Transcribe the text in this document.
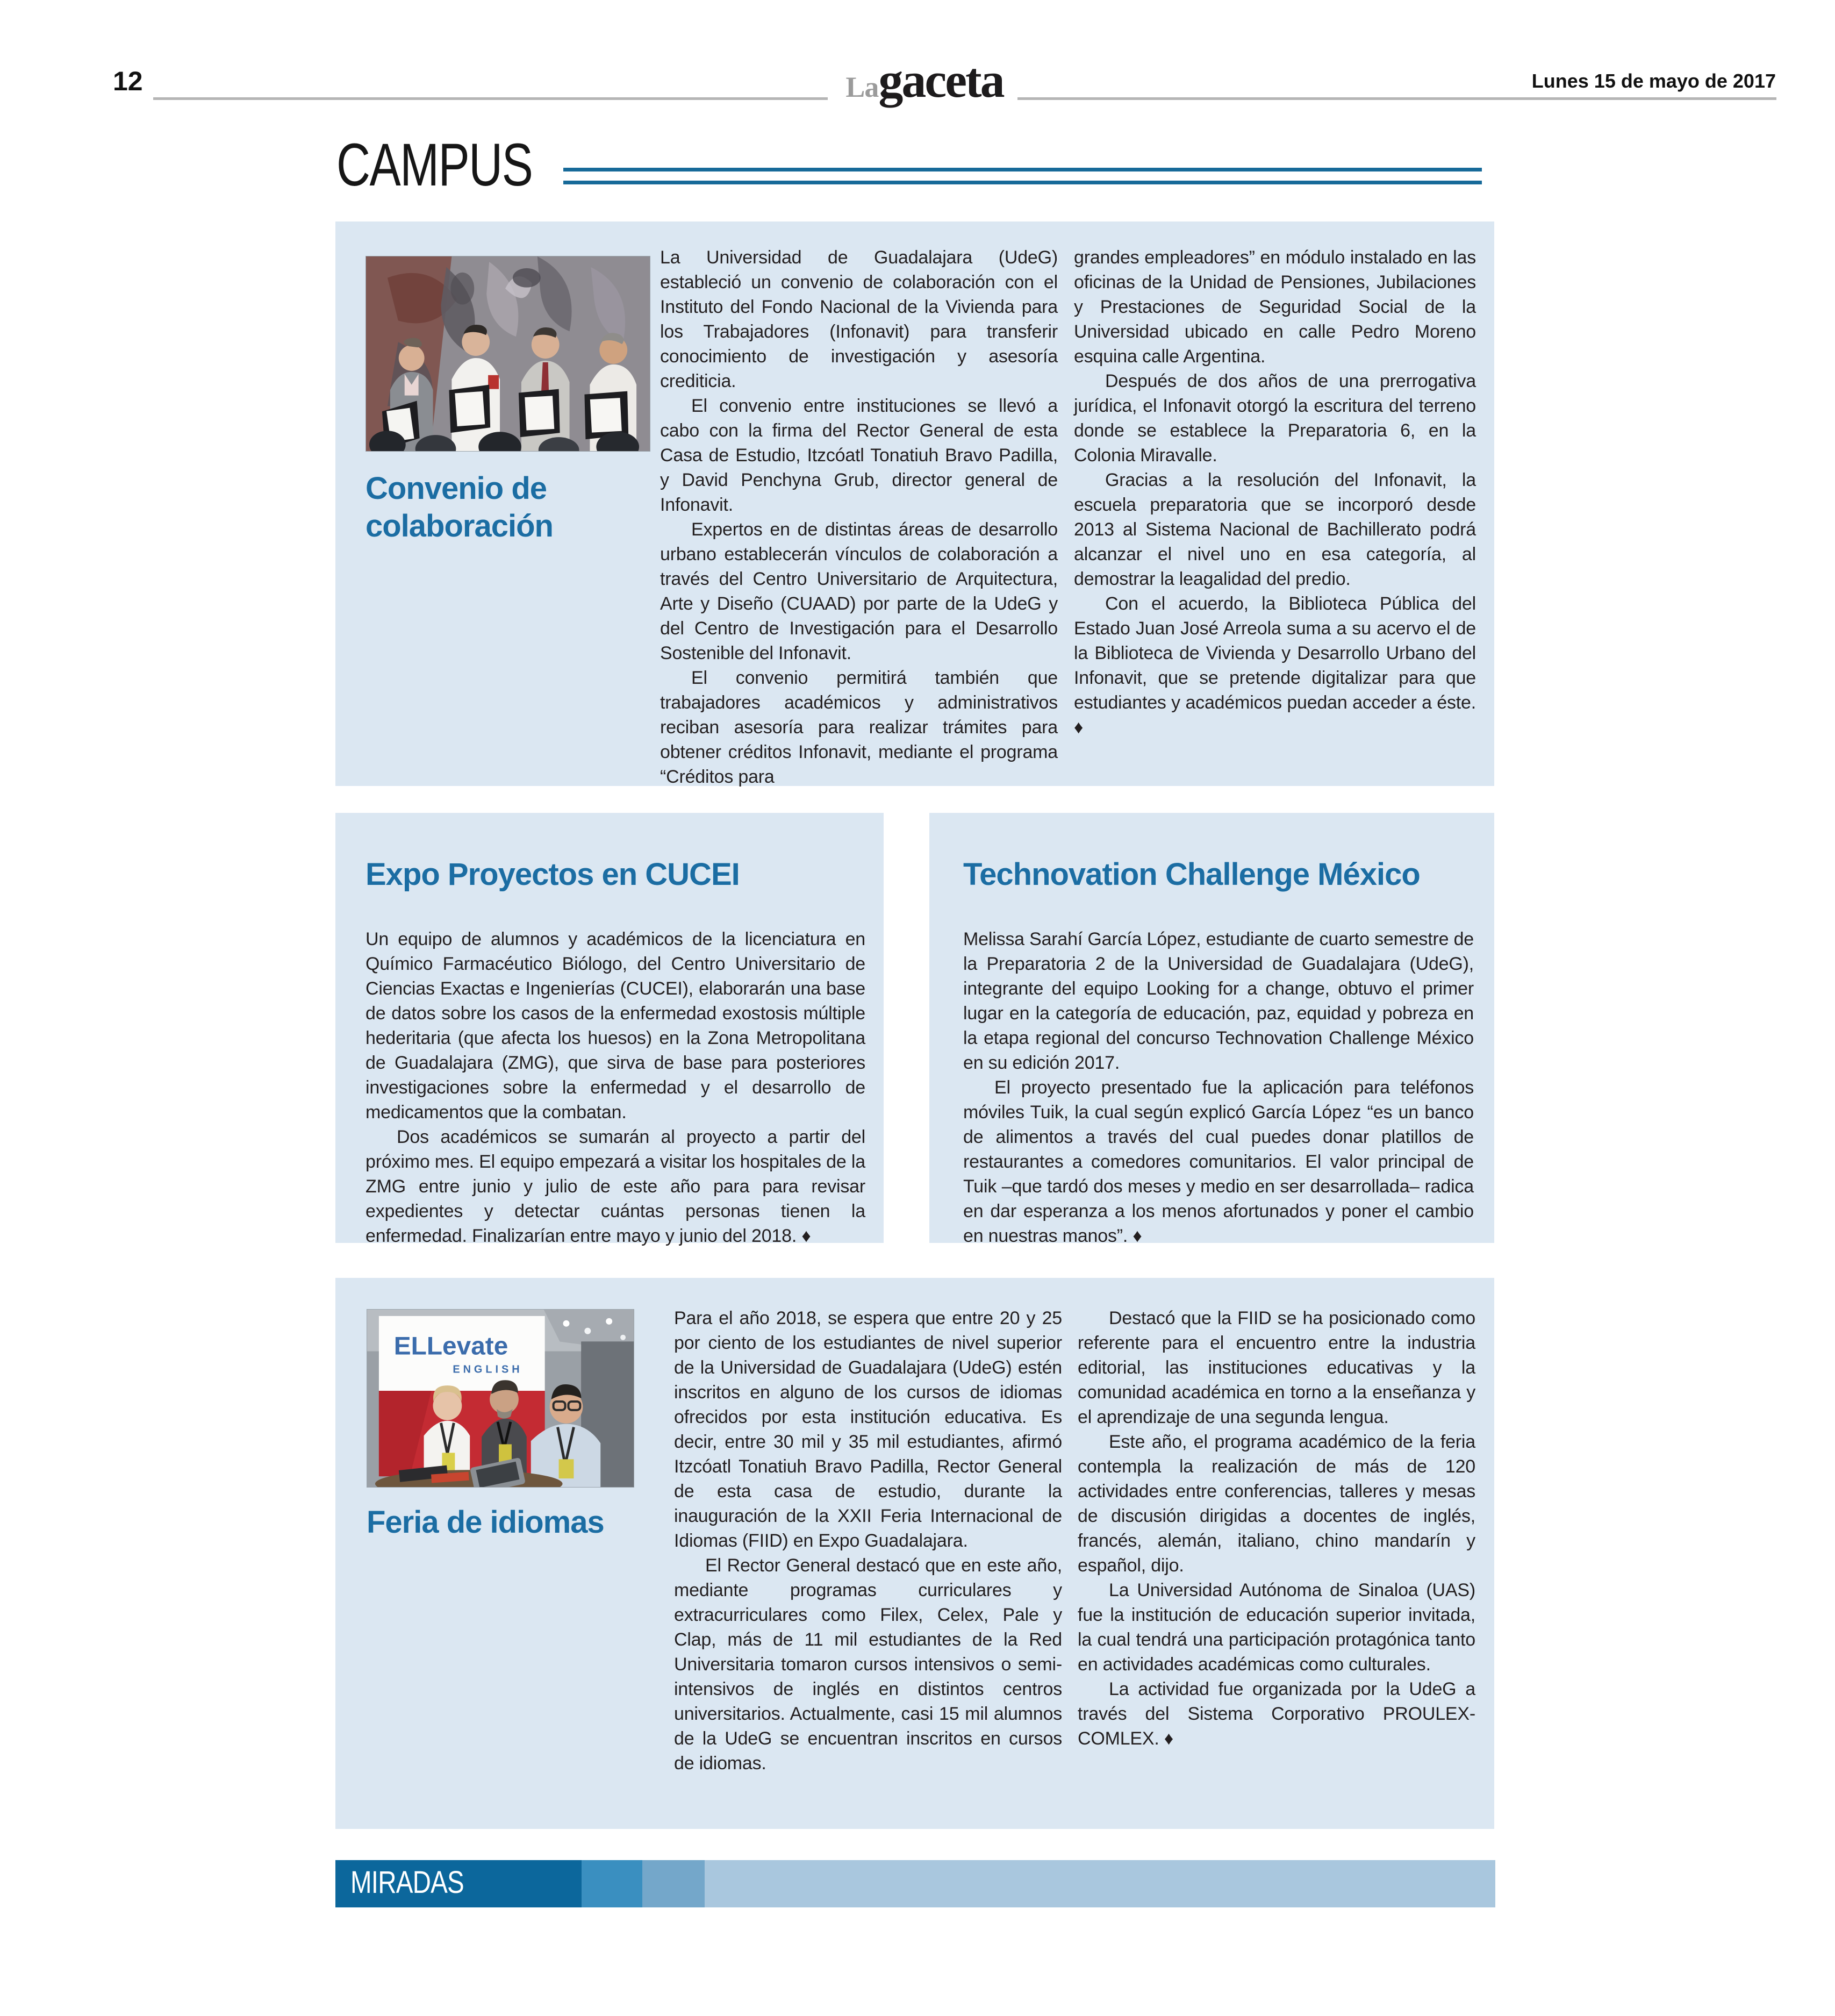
12	Lagaceta	Lunes 15 de mayo de 2017
CAMPUS
Convenio de
colaboración

La Universidad de Guadalajara (UdeG) estableció un convenio de colaboración con el Instituto del Fondo Nacional de la Vivienda para los Trabajadores (Infonavit) para transferir conocimiento de investigación y asesoría crediticia.

El convenio entre instituciones se llevó a cabo con la firma del Rector General de esta Casa de Estudio, Itzcóatl Tonatiuh Bravo Padilla, y David Penchyna Grub, director general de Infonavit.

Expertos en de distintas áreas de desarrollo urbano establecerán vínculos de colaboración a través del Centro Universitario de Arquitectura, Arte y Diseño (CUAAD) por parte de la UdeG y del Centro de Investigación para el Desarrollo Sostenible del Infonavit.

El convenio permitirá también que trabajadores académicos y administrativos reciban asesoría para realizar trámites para obtener créditos Infonavit, mediante el programa “Créditos para

grandes empleadores” en módulo instalado en las oficinas de la Unidad de Pensiones, Jubilaciones y Prestaciones de Seguridad Social de la Universidad ubicado en calle Pedro Moreno esquina calle Argentina.

Después de dos años de una prerrogativa jurídica, el Infonavit otorgó la escritura del terreno donde se establece la Preparatoria 6, en la Colonia Miravalle.

Gracias a la resolución del Infonavit, la escuela preparatoria que se incorporó desde 2013 al Sistema Nacional de Bachillerato podrá alcanzar el nivel uno en esa categoría, al demostrar la leagalidad del predio.

Con el acuerdo, la Biblioteca Pública del Estado Juan José Arreola suma a su acervo el de la Biblioteca de Vivienda y Desarrollo Urbano del Infonavit, que se pretende digitalizar para que estudiantes y académicos puedan acceder a éste. ♦

Expo Proyectos en CUCEI

Un equipo de alumnos y académicos de la licenciatura en Químico Farmacéutico Biólogo, del Centro Universitario de Ciencias Exactas e Ingenierías (CUCEI), elaborarán una base de datos sobre los casos de la enfermedad exostosis múltiple hederitaria (que afecta los huesos) en la Zona Metropolitana de Guadalajara (ZMG), que sirva de base para posteriores investigaciones sobre la enfermedad y el desarrollo de medicamentos que la combatan.

Dos académicos se sumarán al proyecto a partir del próximo mes. El equipo empezará a visitar los hospitales de la ZMG entre junio y julio de este año para para revisar expedientes y detectar cuántas personas tienen la enfermedad. Finalizarían entre mayo y junio del 2018. ♦

Technovation Challenge México

Melissa Sarahí García López, estudiante de cuarto semestre de la Preparatoria 2 de la Universidad de Guadalajara (UdeG), integrante del equipo Looking for a change, obtuvo el primer lugar en la categoría de educación, paz, equidad y pobreza en la etapa regional del concurso Technovation Challenge México en su edición 2017.

El proyecto presentado fue la aplicación para teléfonos móviles Tuik, la cual según explicó García López “es un banco de alimentos a través del cual puedes donar platillos de restaurantes a comedores comunitarios. El valor principal de Tuik –que tardó dos meses y medio en ser desarrollada– radica en dar esperanza a los menos afortunados y poner el cambio en nuestras manos”. ♦

ELLevate
ENGLISH
Feria de idiomas

Para el año 2018, se espera que entre 20 y 25 por ciento de los estudiantes de nivel superior de la Universidad de Guadalajara (UdeG) estén inscritos en alguno de los cursos de idiomas ofrecidos por esta institución educativa. Es decir, entre 30 mil y 35 mil estudiantes, afirmó Itzcóatl Tonatiuh Bravo Padilla, Rector General de esta casa de estudio, durante la inauguración de la XXII Feria Internacional de Idiomas (FIID) en Expo Guadalajara.

El Rector General destacó que en este año, mediante programas curriculares y extracurriculares como Filex, Celex, Pale y Clap, más de 11 mil estudiantes de la Red Universitaria tomaron cursos intensivos o semi-intensivos de inglés en distintos centros universitarios. Actualmente, casi 15 mil alumnos de la UdeG se encuentran inscritos en cursos de idiomas.

Destacó que la FIID se ha posicionado como referente para el encuentro entre la industria editorial, las instituciones educativas y la comunidad académica en torno a la enseñanza y el aprendizaje de una segunda lengua.

Este año, el programa académico de la feria contempla la realización de más de 120 actividades entre conferencias, talleres y mesas de discusión dirigidas a docentes de inglés, francés, alemán, italiano, chino mandarín y español, dijo.

La Universidad Autónoma de Sinaloa (UAS) fue la institución de educación superior invitada, la cual tendrá una participación protagónica tanto en actividades académicas como culturales.

La actividad fue organizada por la UdeG a través del Sistema Corporativo PROULEX-COMLEX. ♦

MIRADAS
